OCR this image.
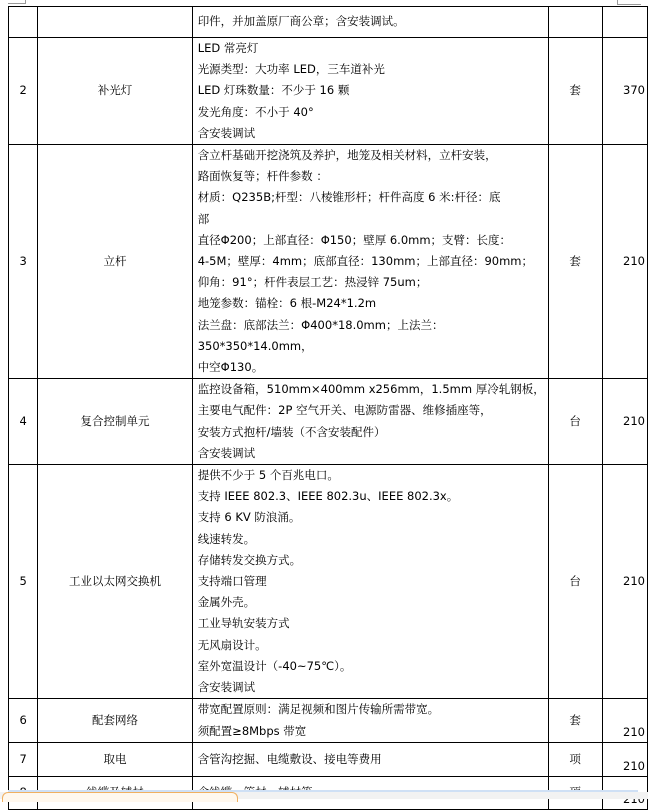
		印件，并加盖原厂商公章；含安装调试。		

2	补光灯	LED 常亮灯
光源类型：大功率 LED，三车道补光
LED 灯珠数量：不少于 16 颗
发光角度：不小于 40°
含安装调试	套	370
3	立杆	
含立杆基础开挖浇筑及养护，地笼及相关材料，立杆安装，
路面恢复等；杆件参数 ：
材质：Q235B;杆型：八棱锥形杆；杆件高度 6 米:杆径：底
部
直径Φ200；上部直径：Φ150；壁厚 6.0mm；支臂：长度：
4-5M；壁厚：4mm；底部直径：130mm；上部直径：90mm；
仰角：91°；杆件表层工艺：热浸锌 75um；
地笼参数：锚栓：6 根-M24*1.2m
法兰盘：底部法兰：Φ400*18.0mm；上法兰：
350*350*14.0mm，
中空Φ130。
	套	210
4	复合控制单元	监控设备箱，510mm×400mm x256mm，1.5mm 厚冷轧钢板，
主要电气配件：2P 空气开关、电源防雷器、维修插座等，
安装方式抱杆/墙装（不含安装配件）
含安装调试	台	210
5	工业以太网交换机	
提供不少于 5 个百兆电口。
支持 IEEE 802.3、IEEE 802.3u、IEEE 802.3x。
支持 6 KV 防浪涌。
线速转发。
存储转发交换方式。
支持端口管理
金属外壳。
工业导轨安装方式
无风扇设计。
室外宽温设计（-40~75℃）。
含安装调试
	台	210
6	配套网络	带宽配置原则：满足视频和图片传输所需带宽。
须配置≥8Mbps 带宽	套	210
7	取电	含管沟挖掘、电缆敷设、接电等费用	项	210
